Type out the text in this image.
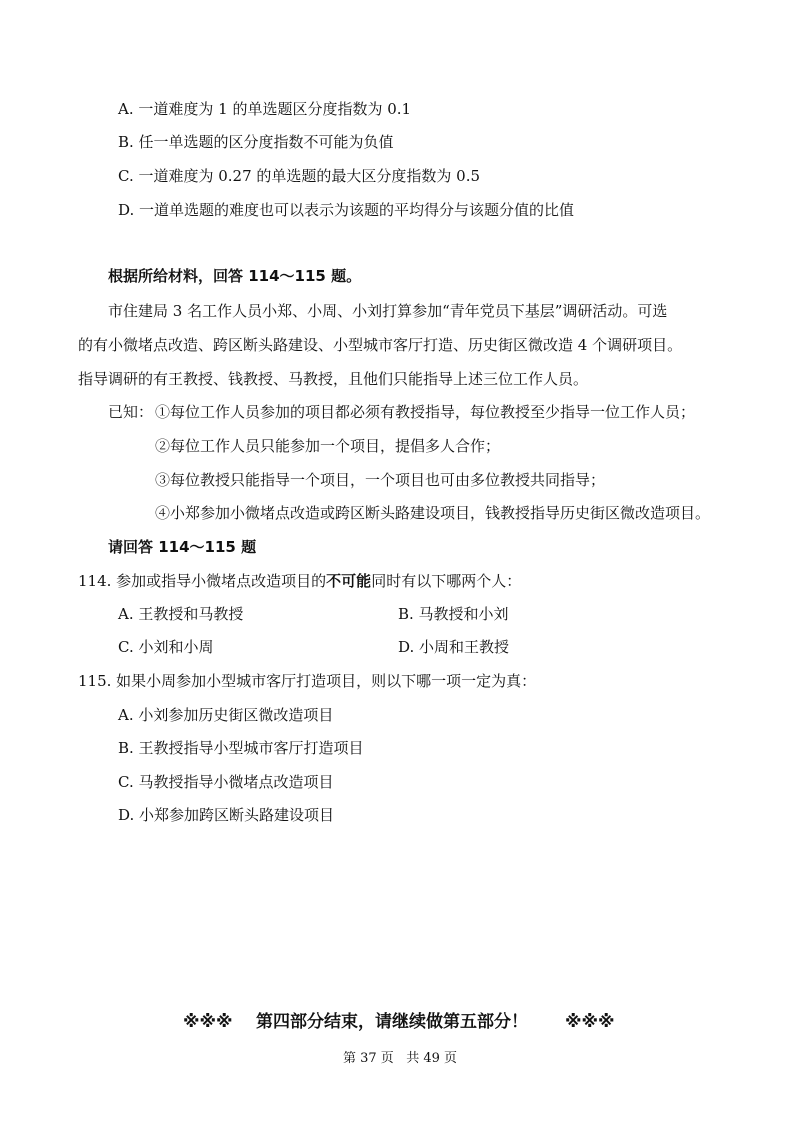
A. 一道难度为 1 的单选题区分度指数为 0.1
B. 任一单选题的区分度指数不可能为负值
C. 一道难度为 0.27 的单选题的最大区分度指数为 0.5
D. 一道单选题的难度也可以表示为该题的平均得分与该题分值的比值
根据所给材料，回答 114～115 题。
市住建局 3 名工作人员小郑、小周、小刘打算参加“青年党员下基层”调研活动。可选
的有小微堵点改造、跨区断头路建设、小型城市客厅打造、历史街区微改造 4 个调研项目。
指导调研的有王教授、钱教授、马教授，且他们只能指导上述三位工作人员。
已知： ①每位工作人员参加的项目都必须有教授指导，每位教授至少指导一位工作人员；
②每位工作人员只能参加一个项目，提倡多人合作；
③每位教授只能指导一个项目，一个项目也可由多位教授共同指导；
④小郑参加小微堵点改造或跨区断头路建设项目，钱教授指导历史街区微改造项目。
请回答 114～115 题
114. 参加或指导小微堵点改造项目的不可能同时有以下哪两个人：
A. 王教授和马教授	B. 马教授和小刘
C. 小刘和小周	D. 小周和王教授
115. 如果小周参加小型城市客厅打造项目，则以下哪一项一定为真：
A. 小刘参加历史街区微改造项目
B. 王教授指导小型城市客厅打造项目
C. 马教授指导小微堵点改造项目
D. 小郑参加跨区断头路建设项目
※※※ 第四部分结束，请继续做第五部分！ ※※※
第 37 页   共 49 页
